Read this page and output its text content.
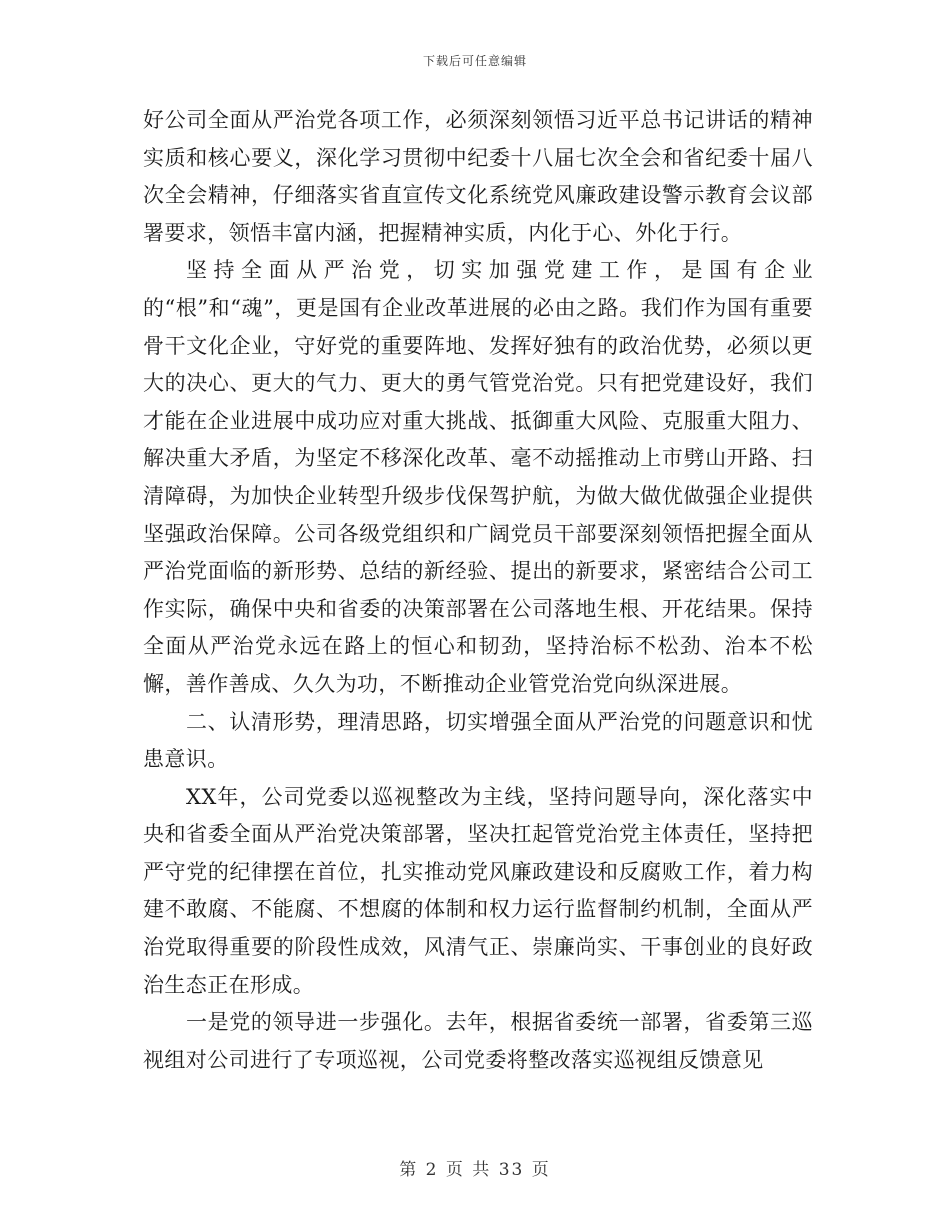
下载后可任意编辑

好公司全面从严治党各项工作，必须深刻领悟习近平总书记讲话的精神实质和核心要义，深化学习贯彻中纪委十八届七次全会和省纪委十届八次全会精神，仔细落实省直宣传文化系统党风廉政建设警示教育会议部署要求，领悟丰富内涵，把握精神实质，内化于心、外化于行。

坚持全面从严治党，切实加强党建工作，是国有企业的“根”和“魂”，更是国有企业改革进展的必由之路。我们作为国有重要骨干文化企业，守好党的重要阵地、发挥好独有的政治优势，必须以更大的决心、更大的气力、更大的勇气管党治党。只有把党建设好，我们才能在企业进展中成功应对重大挑战、抵御重大风险、克服重大阻力、解决重大矛盾，为坚定不移深化改革、毫不动摇推动上市劈山开路、扫清障碍，为加快企业转型升级步伐保驾护航，为做大做优做强企业提供坚强政治保障。公司各级党组织和广阔党员干部要深刻领悟把握全面从严治党面临的新形势、总结的新经验、提出的新要求，紧密结合公司工作实际，确保中央和省委的决策部署在公司落地生根、开花结果。保持全面从严治党永远在路上的恒心和韧劲，坚持治标不松劲、治本不松懈，善作善成、久久为功，不断推动企业管党治党向纵深进展。

二、认清形势，理清思路，切实增强全面从严治党的问题意识和忧患意识。

XX年，公司党委以巡视整改为主线，坚持问题导向，深化落实中央和省委全面从严治党决策部署，坚决扛起管党治党主体责任，坚持把严守党的纪律摆在首位，扎实推动党风廉政建设和反腐败工作，着力构建不敢腐、不能腐、不想腐的体制和权力运行监督制约机制，全面从严治党取得重要的阶段性成效，风清气正、崇廉尚实、干事创业的良好政治生态正在形成。

一是党的领导进一步强化。去年，根据省委统一部署，省委第三巡视组对公司进行了专项巡视，公司党委将整改落实巡视组反馈意见

第 2 页 共 33 页
